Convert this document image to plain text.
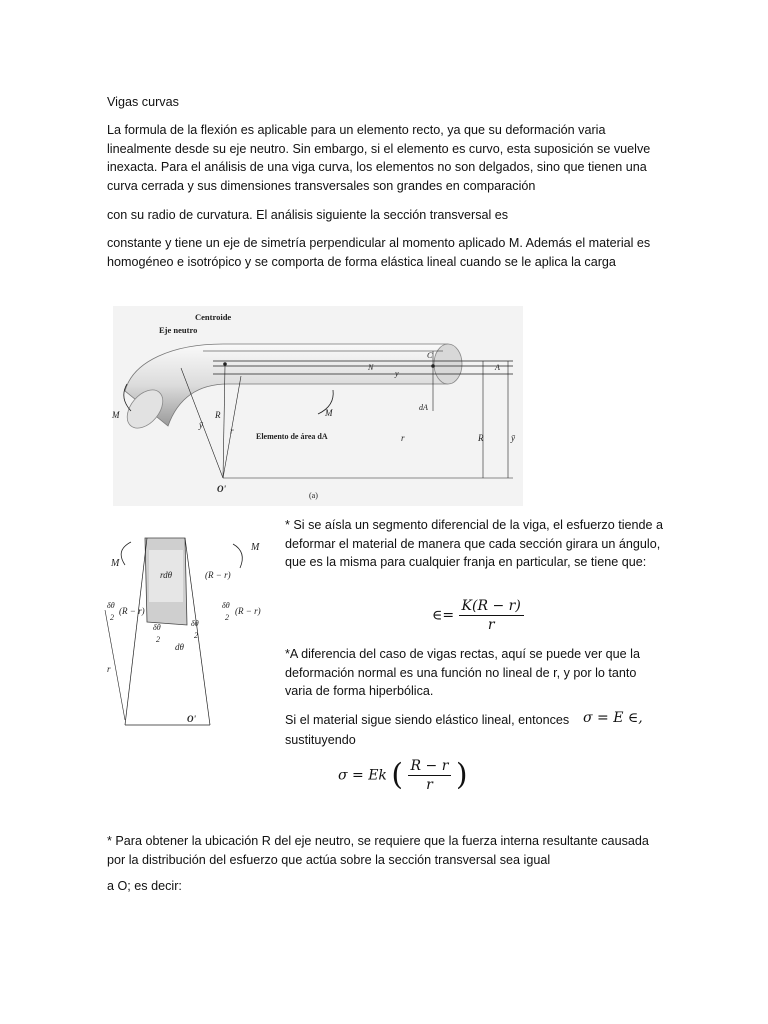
Vigas curvas

La formula de la flexión es aplicable para un elemento recto, ya que su deformación varia linealmente desde su eje neutro. Sin embargo, si el elemento es curvo, esta suposición se vuelve inexacta. Para el análisis de una viga curva, los elementos no son delgados, sino que tienen una curva cerrada y sus dimensiones transversales son grandes en comparación

con su radio de curvatura. El análisis siguiente la sección transversal es

constante y tiene un eje de simetría perpendicular al momento aplicado M. Además el material es homogéneo e isotrópico y se comporta de forma elástica lineal cuando se le aplica la carga

Centroide
Eje neutro
Elemento de área dA
M	M
R
r
ȳ
O'
N
y
C
A
dA
R
r	ȳ
(a)
M
M
rdθ	(R − r)
δθ
2
(R − r)
δθ
2
(R − r)
δθ
2
δθ
2
dθ
r
O'

* Si se aísla un segmento diferencial de la viga, el esfuerzo tiende a deformar el material de manera que cada sección girara un ángulo, que es la misma para cualquier franja en particular, se tiene que:

∈= $\frac{K(R - r)}{r}$

*A diferencia del caso de vigas rectas, aquí se puede ver que la deformación normal es una función no lineal de r, y por lo tanto varia de forma hiperbólica.

Si el material sigue siendo elástico lineal, entonces σ = E ∈,

sustituyendo

σ = Ek ( $\frac{R - r}{r}$ )

* Para obtener la ubicación R del eje neutro, se requiere que la fuerza interna resultante causada por la distribución del esfuerzo que actúa sobre la sección transversal sea igual

a O; es decir:
